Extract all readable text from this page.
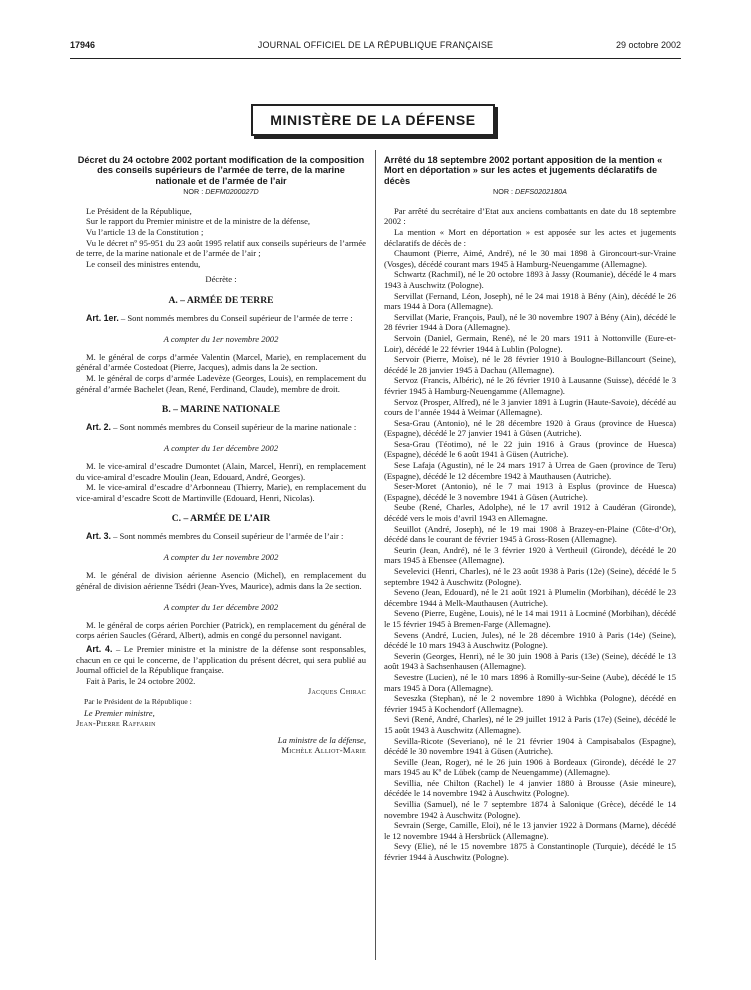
17946	JOURNAL OFFICIEL DE LA RÉPUBLIQUE FRANÇAISE	29 octobre 2002
MINISTÈRE DE LA DÉFENSE
Décret du 24 octobre 2002 portant modification de la composition des conseils supérieurs de l’armée de terre, de la marine nationale et de l’armée de l’air
NOR : DEFM0200027D

Le Président de la République,

Sur le rapport du Premier ministre et de la ministre de la défense,

Vu l’article 13 de la Constitution ;

Vu le décret nº 95-951 du 23 août 1995 relatif aux conseils supérieurs de l’armée de terre, de la marine nationale et de l’armée de l’air ;

Le conseil des ministres entendu,

Décrète :

A. – ARMÉE DE TERRE

Art. 1er. – Sont nommés membres du Conseil supérieur de l’armée de terre :

A compter du 1er novembre 2002

M. le général de corps d’armée Valentin (Marcel, Marie), en remplacement du général d’armée Costedoat (Pierre, Jacques), admis dans la 2e section.

M. le général de corps d’armée Ladevèze (Georges, Louis), en remplacement du général d’armée Bachelet (Jean, René, Ferdinand, Claude), membre de droit.

B. – MARINE NATIONALE

Art. 2. – Sont nommés membres du Conseil supérieur de la marine nationale :

A compter du 1er décembre 2002

M. le vice-amiral d’escadre Dumontet (Alain, Marcel, Henri), en remplacement du vice-amiral d’escadre Moulin (Jean, Edouard, André, Georges).

M. le vice-amiral d’escadre d’Arbonneau (Thierry, Marie), en remplacement du vice-amiral d’escadre Scott de Martinville (Edouard, Henri, Nicolas).

C. – ARMÉE DE L’AIR

Art. 3. – Sont nommés membres du Conseil supérieur de l’armée de l’air :

A compter du 1er novembre 2002

M. le général de division aérienne Asencio (Michel), en remplacement du général de division aérienne Tsédri (Jean-Yves, Maurice), admis dans la 2e section.

A compter du 1er décembre 2002

M. le général de corps aérien Porchier (Patrick), en remplacement du général de corps aérien Saucles (Gérard, Albert), admis en congé du personnel navigant.

Art. 4. – Le Premier ministre et la ministre de la défense sont responsables, chacun en ce qui le concerne, de l’application du présent décret, qui sera publié au Journal officiel de la République française.

Fait à Paris, le 24 octobre 2002.

Jacques Chirac

Par le Président de la République :

Le Premier ministre,

Jean-Pierre Raffarin

La ministre de la défense,

Michèle Alliot-Marie

Arrêté du 18 septembre 2002 portant apposition de la mention « Mort en déportation » sur les actes et jugements déclaratifs de décès
NOR : DEFS0202180A

Par arrêté du secrétaire d’Etat aux anciens combattants en date du 18 septembre 2002 :

La mention « Mort en déportation » est apposée sur les actes et jugements déclaratifs de décès de :

Chaumont (Pierre, Aimé, André), né le 30 mai 1898 à Gironcourt-sur-Vraine (Vosges), décédé courant mars 1945 à Hamburg-Neuengamme (Allemagne).

Schwartz (Rachmil), né le 20 octobre 1893 à Jassy (Roumanie), décédé le 4 mars 1943 à Auschwitz (Pologne).

Servillat (Fernand, Léon, Joseph), né le 24 mai 1918 à Bény (Ain), décédé le 26 mars 1944 à Dora (Allemagne).

Servillat (Marie, François, Paul), né le 30 novembre 1907 à Bény (Ain), décédé le 28 février 1944 à Dora (Allemagne).

Servoin (Daniel, Germain, René), né le 20 mars 1911 à Nottonville (Eure-et-Loir), décédé le 22 février 1944 à Lublin (Pologne).

Servoir (Pierre, Moïse), né le 28 février 1910 à Boulogne-Billancourt (Seine), décédé le 28 janvier 1945 à Dachau (Allemagne).

Servoz (Francis, Albéric), né le 26 février 1910 à Lausanne (Suisse), décédé le 3 février 1945 à Hamburg-Neuengamme (Allemagne).

Servoz (Prosper, Alfred), né le 3 janvier 1891 à Lugrin (Haute-Savoie), décédé au cours de l’année 1944 à Weimar (Allemagne).

Sesa-Grau (Antonio), né le 28 décembre 1920 à Graus (province de Huesca) (Espagne), décédé le 27 janvier 1941 à Güsen (Autriche).

Sesa-Grau (Téotimo), né le 22 juin 1916 à Graus (province de Huesca) (Espagne), décédé le 6 août 1941 à Güsen (Autriche).

Sese Lafaja (Agustin), né le 24 mars 1917 à Urrea de Gaen (province de Teru) (Espagne), décédé le 12 décembre 1942 à Mauthausen (Autriche).

Seser-Moret (Antonio), né le 7 mai 1913 à Esplus (province de Huesca) (Espagne), décédé le 3 novembre 1941 à Güsen (Autriche).

Seube (René, Charles, Adolphe), né le 17 avril 1912 à Caudéran (Gironde), décédé vers le mois d’avril 1943 en Allemagne.

Seuillot (André, Joseph), né le 19 mai 1908 à Brazey-en-Plaine (Côte-d’Or), décédé dans le courant de février 1945 à Gross-Rosen (Allemagne).

Seurin (Jean, André), né le 3 février 1920 à Vertheuil (Gironde), décédé le 20 mars 1945 à Ebensee (Allemagne).

Sevelevici (Henri, Charles), né le 23 août 1938 à Paris (12e) (Seine), décédé le 5 septembre 1942 à Auschwitz (Pologne).

Seveno (Jean, Edouard), né le 21 août 1921 à Plumelin (Morbihan), décédé le 23 décembre 1944 à Melk-Mauthausen (Autriche).

Seveno (Pierre, Eugène, Louis), né le 14 mai 1911 à Locminé (Morbihan), décédé le 15 février 1945 à Bremen-Farge (Allemagne).

Sevens (André, Lucien, Jules), né le 28 décembre 1910 à Paris (14e) (Seine), décédé le 10 mars 1943 à Auschwitz (Pologne).

Severin (Georges, Henri), né le 30 juin 1908 à Paris (13e) (Seine), décédé le 13 août 1943 à Sachsenhausen (Allemagne).

Sevestre (Lucien), né le 10 mars 1896 à Romilly-sur-Seine (Aube), décédé le 15 mars 1945 à Dora (Allemagne).

Seveszka (Stephan), né le 2 novembre 1890 à Wichbka (Pologne), décédé en février 1945 à Kochendorf (Allemagne).

Sevi (René, André, Charles), né le 29 juillet 1912 à Paris (17e) (Seine), décédé le 15 août 1943 à Auschwitz (Allemagne).

Sevilla-Ricote (Severiano), né le 21 février 1904 à Campisabalos (Espagne), décédé le 30 novembre 1941 à Güsen (Autriche).

Seville (Jean, Roger), né le 26 juin 1906 à Bordeaux (Gironde), décédé le 27 mars 1945 au Kº de Lübek (camp de Neuengamme) (Allemagne).

Sevillia, née Chilton (Rachel) le 4 janvier 1880 à Brousse (Asie mineure), décédée le 14 novembre 1942 à Auschwitz (Pologne).

Sevillia (Samuel), né le 7 septembre 1874 à Salonique (Grèce), décédé le 14 novembre 1942 à Auschwitz (Pologne).

Sevrain (Serge, Camille, Eloi), né le 13 janvier 1922 à Dormans (Marne), décédé le 12 novembre 1944 à Hersbrück (Allemagne).

Sevy (Elie), né le 15 novembre 1875 à Constantinople (Turquie), décédé le 15 février 1944 à Auschwitz (Pologne).
